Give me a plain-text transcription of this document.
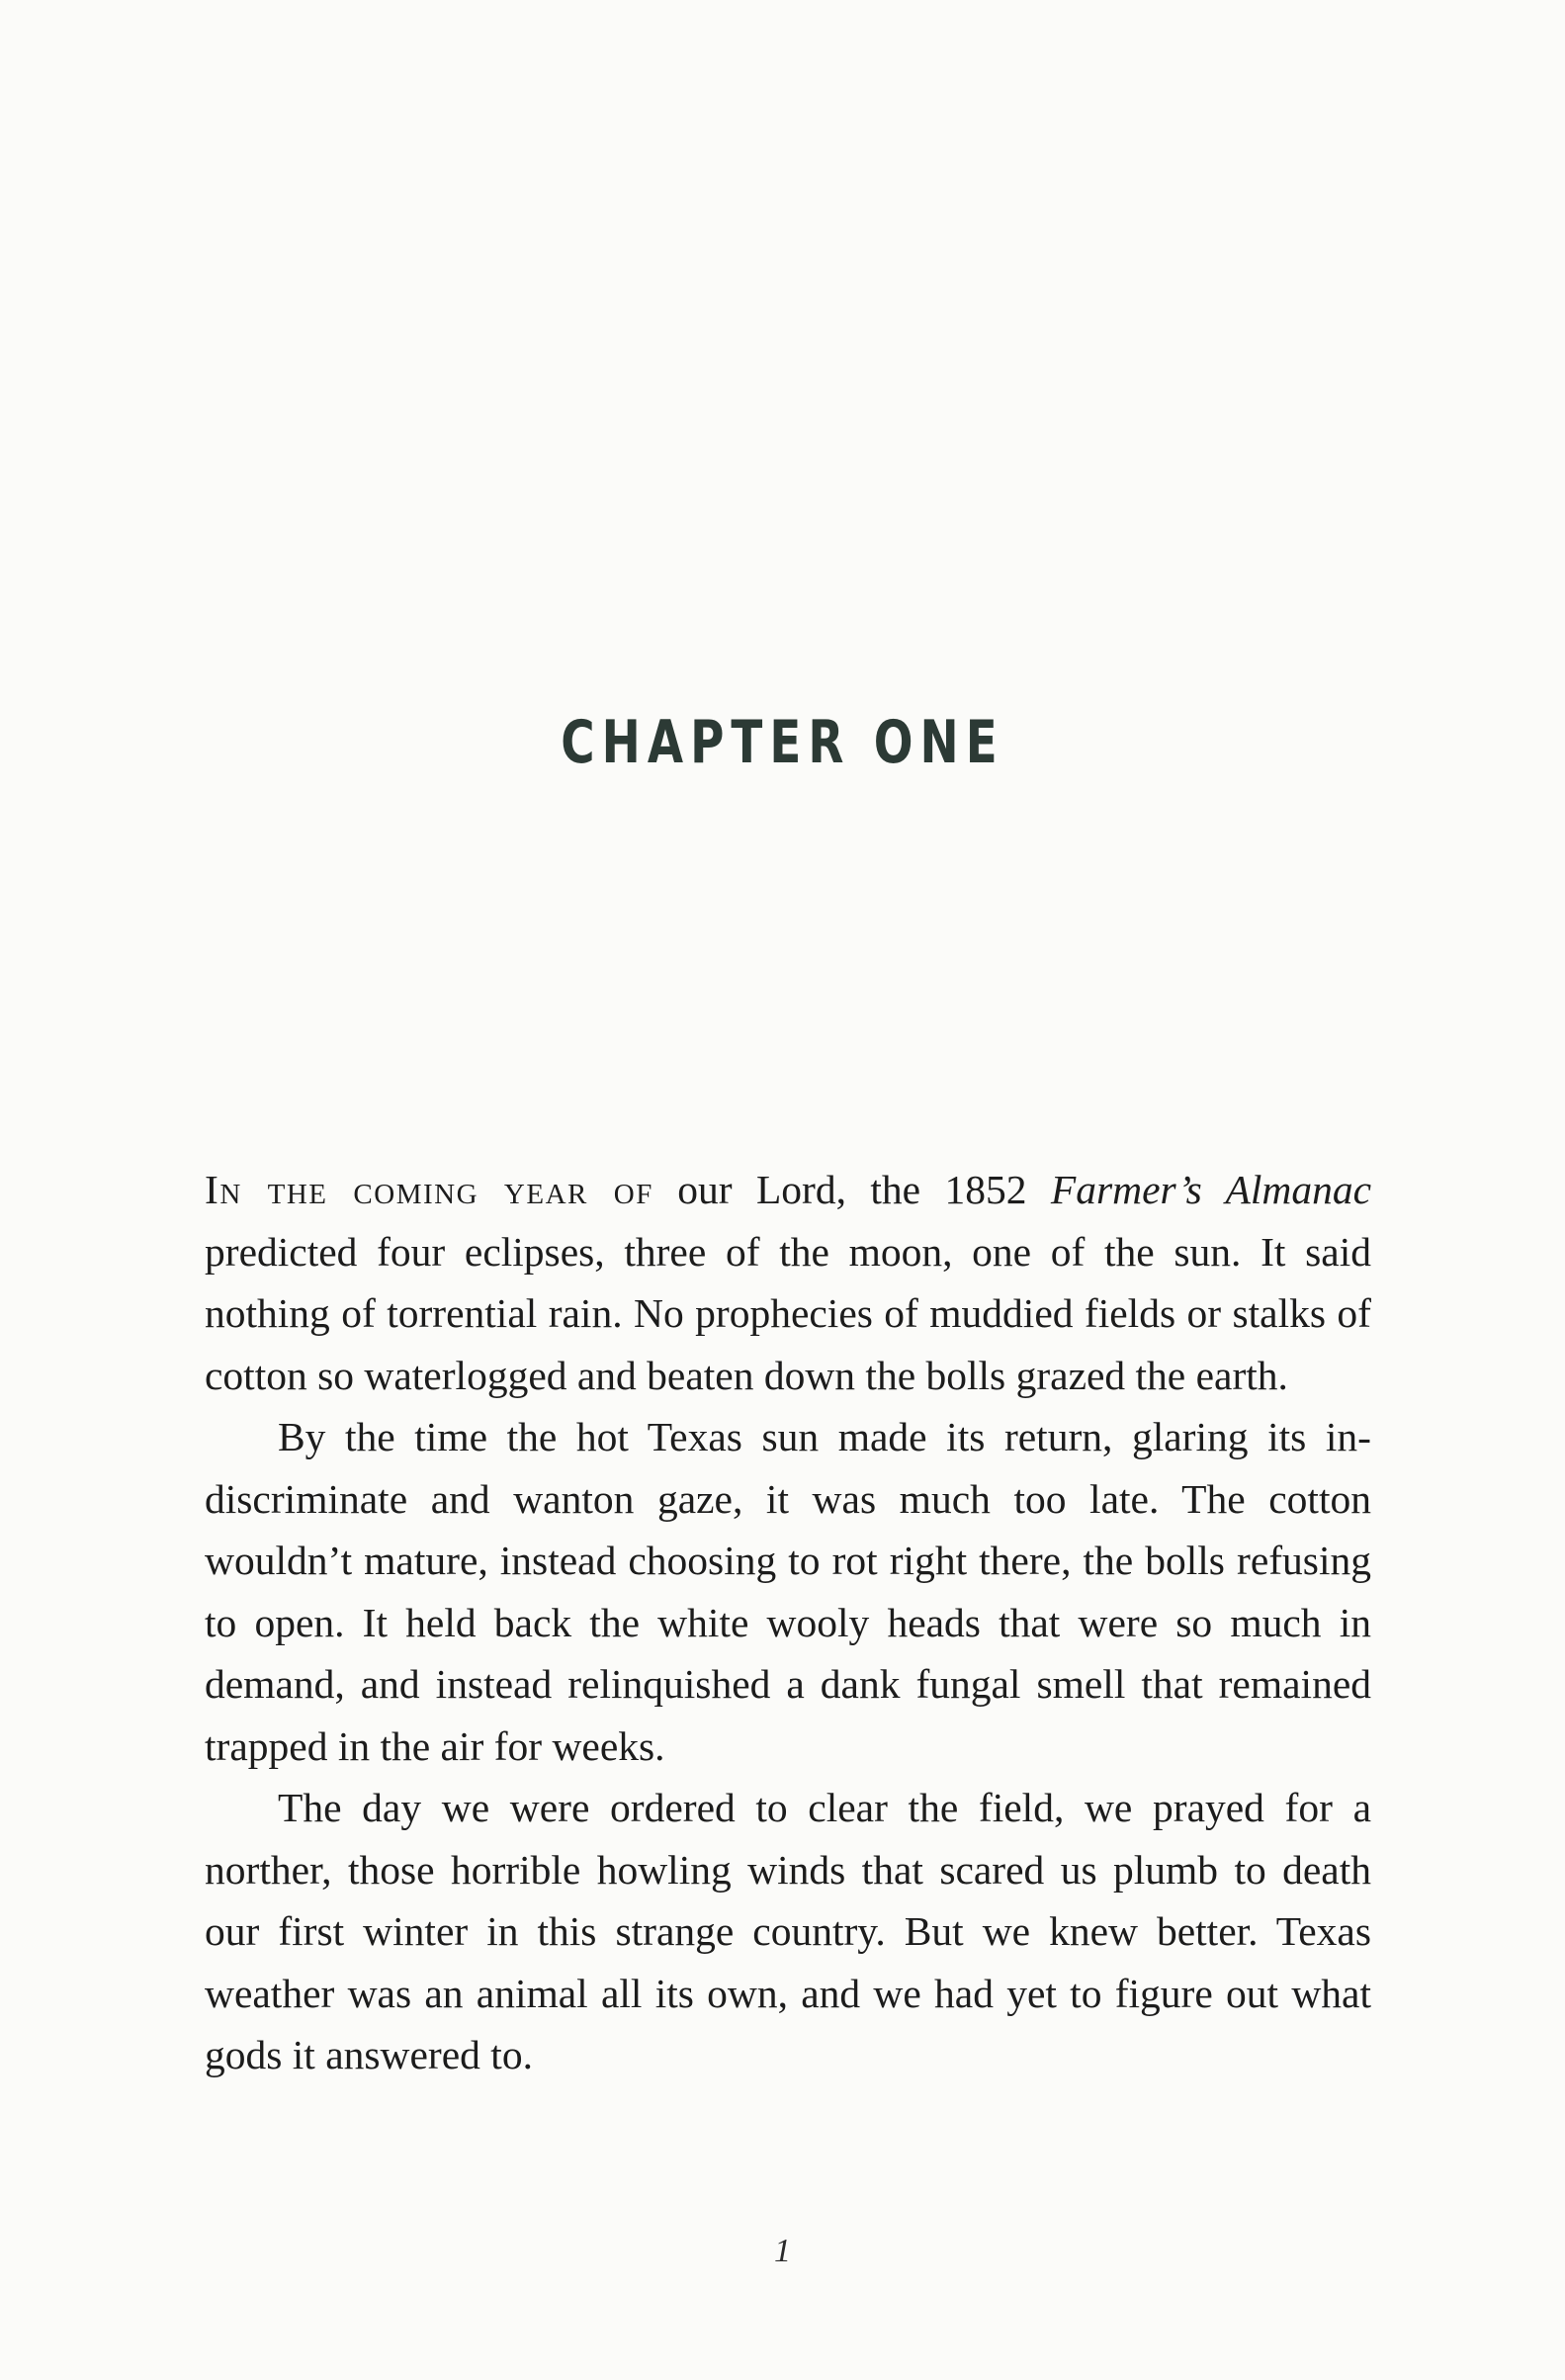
CHAPTER ONE

In the coming year of our Lord, the 1852 Farmer’s Almanac predicted four eclipses, three of the moon, one of the sun. It said nothing of torrential rain. No prophecies of muddied fields or stalks of cotton so waterlogged and beaten down the bolls grazed the earth.

By the time the hot Texas sun made its return, glaring its indiscriminate and wanton gaze, it was much too late. The cotton wouldn’t mature, instead choosing to rot right there, the bolls refusing to open. It held back the white wooly heads that were so much in demand, and instead relinquished a dank fungal smell that remained trapped in the air for weeks.

The day we were ordered to clear the field, we prayed for a norther, those horrible howling winds that scared us plumb to death our first winter in this strange country. But we knew better. Texas weather was an animal all its own, and we had yet to figure out what gods it answered to.

1
